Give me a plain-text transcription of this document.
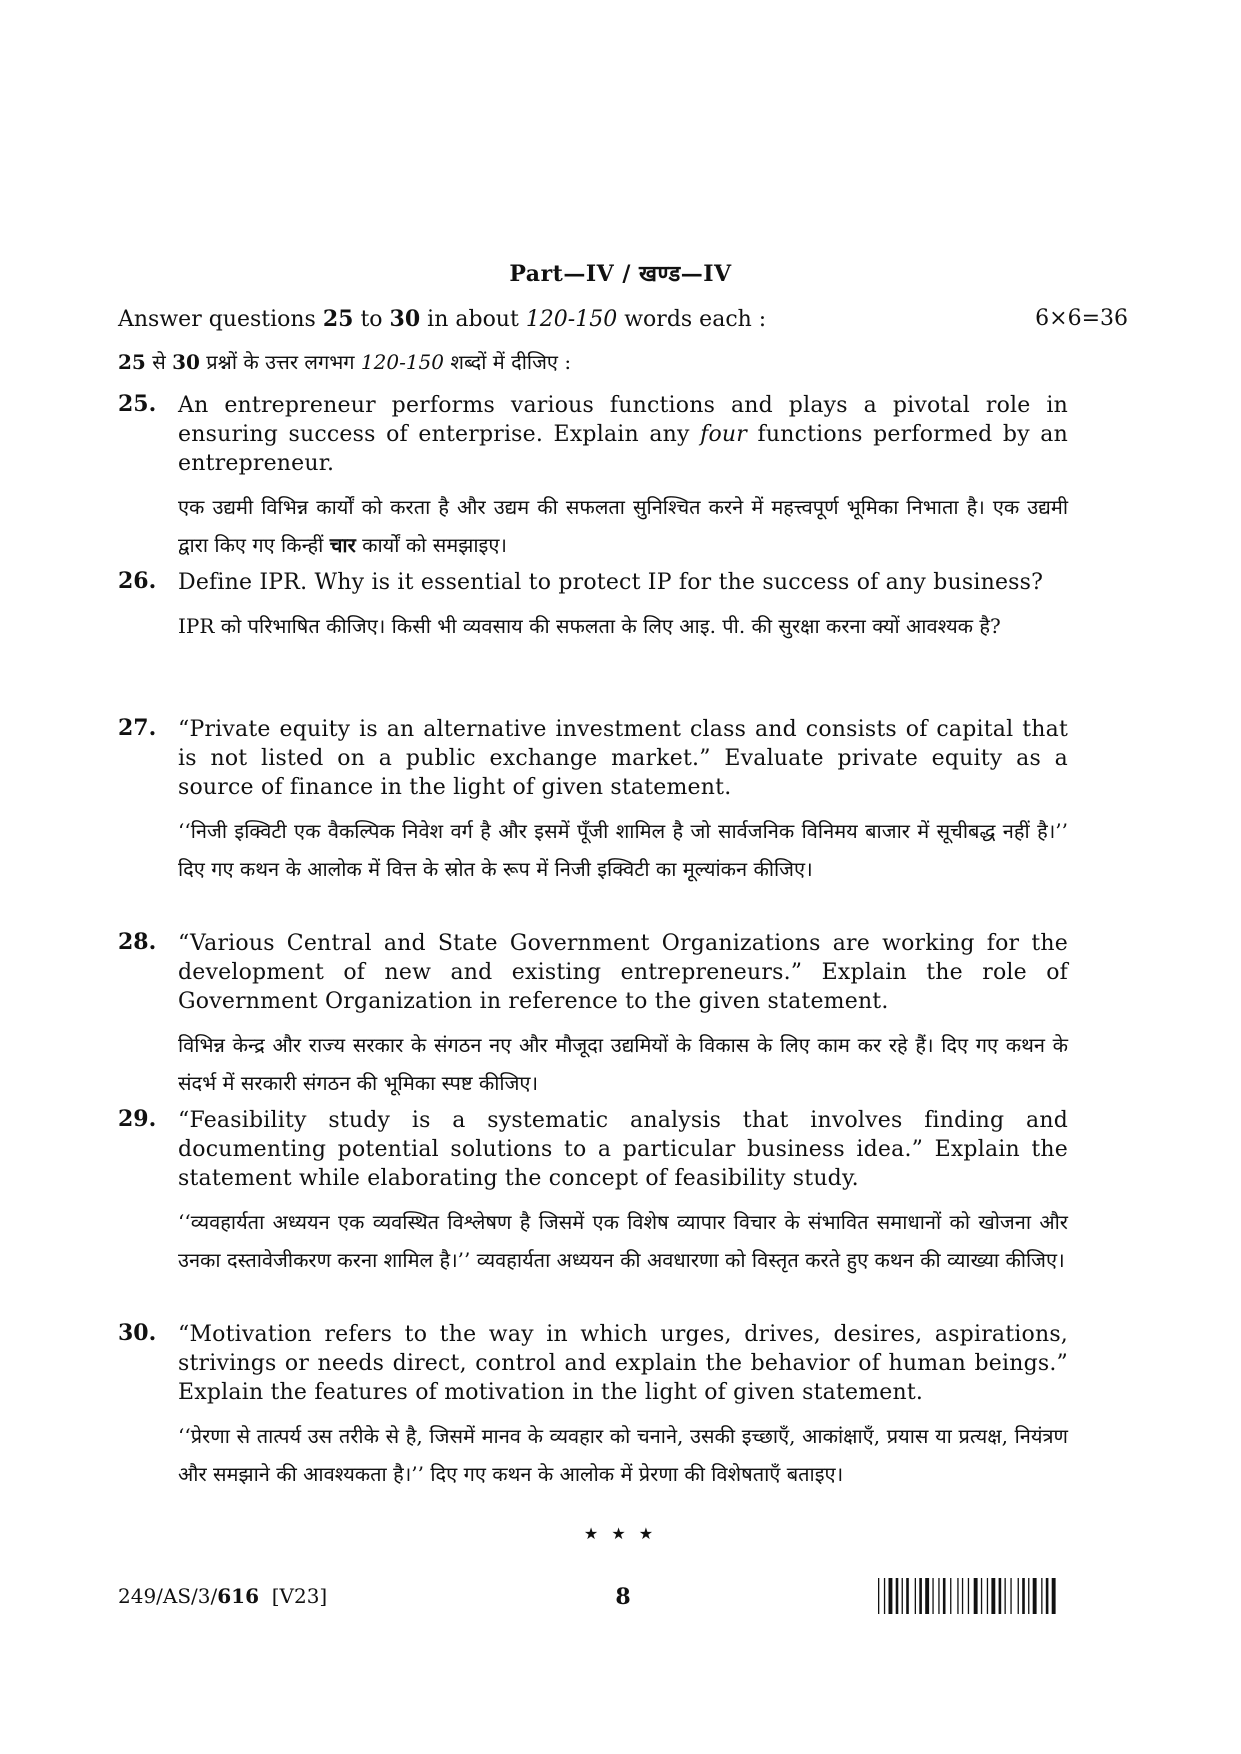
Part—IV / खण्ड—IV
Answer questions 25 to 30 in about 120-150 words each :	6×6=36
25 से 30 प्रश्नों के उत्तर लगभग 120-150 शब्दों में दीजिए :
25. An entrepreneur performs various functions and plays a pivotal role in ensuring success of enterprise. Explain any four functions performed by an entrepreneur.
एक उद्यमी विभिन्न कार्यों को करता है और उद्यम की सफलता सुनिश्चित करने में महत्त्वपूर्ण भूमिका निभाता है। एक उद्यमी द्वारा किए गए किन्हीं चार कार्यों को समझाइए।
26. Define IPR. Why is it essential to protect IP for the success of any business?
IPR को परिभाषित कीजिए। किसी भी व्यवसाय की सफलता के लिए आइ. पी. की सुरक्षा करना क्यों आवश्यक है?
27. “Private equity is an alternative investment class and consists of capital that is not listed on a public exchange market.” Evaluate private equity as a source of finance in the light of given statement.
‘‘निजी इक्विटी एक वैकल्पिक निवेश वर्ग है और इसमें पूँजी शामिल है जो सार्वजनिक विनिमय बाजार में सूचीबद्ध नहीं है।’’ दिए गए कथन के आलोक में वित्त के स्रोत के रूप में निजी इक्विटी का मूल्यांकन कीजिए।
28. “Various Central and State Government Organizations are working for the development of new and existing entrepreneurs.” Explain the role of Government Organization in reference to the given statement.
विभिन्न केन्द्र और राज्य सरकार के संगठन नए और मौजूदा उद्यमियों के विकास के लिए काम कर रहे हैं। दिए गए कथन के संदर्भ में सरकारी संगठन की भूमिका स्पष्ट कीजिए।
29. “Feasibility study is a systematic analysis that involves finding and documenting potential solutions to a particular business idea.” Explain the statement while elaborating the concept of feasibility study.
‘‘व्यवहार्यता अध्ययन एक व्यवस्थित विश्लेषण है जिसमें एक विशेष व्यापार विचार के संभावित समाधानों को खोजना और उनका दस्तावेजीकरण करना शामिल है।’’ व्यवहार्यता अध्ययन की अवधारणा को विस्तृत करते हुए कथन की व्याख्या कीजिए।
30. “Motivation refers to the way in which urges, drives, desires, aspirations, strivings or needs direct, control and explain the behavior of human beings.” Explain the features of motivation in the light of given statement.
‘‘प्रेरणा से तात्पर्य उस तरीके से है, जिसमें मानव के व्यवहार को चनाने, उसकी इच्छाएँ, आकांक्षाएँ, प्रयास या प्रत्यक्ष, नियंत्रण और समझाने की आवश्यकता है।’’ दिए गए कथन के आलोक में प्रेरणा की विशेषताएँ बताइए।
★ ★ ★
249/AS/3/616 [V23]	8
